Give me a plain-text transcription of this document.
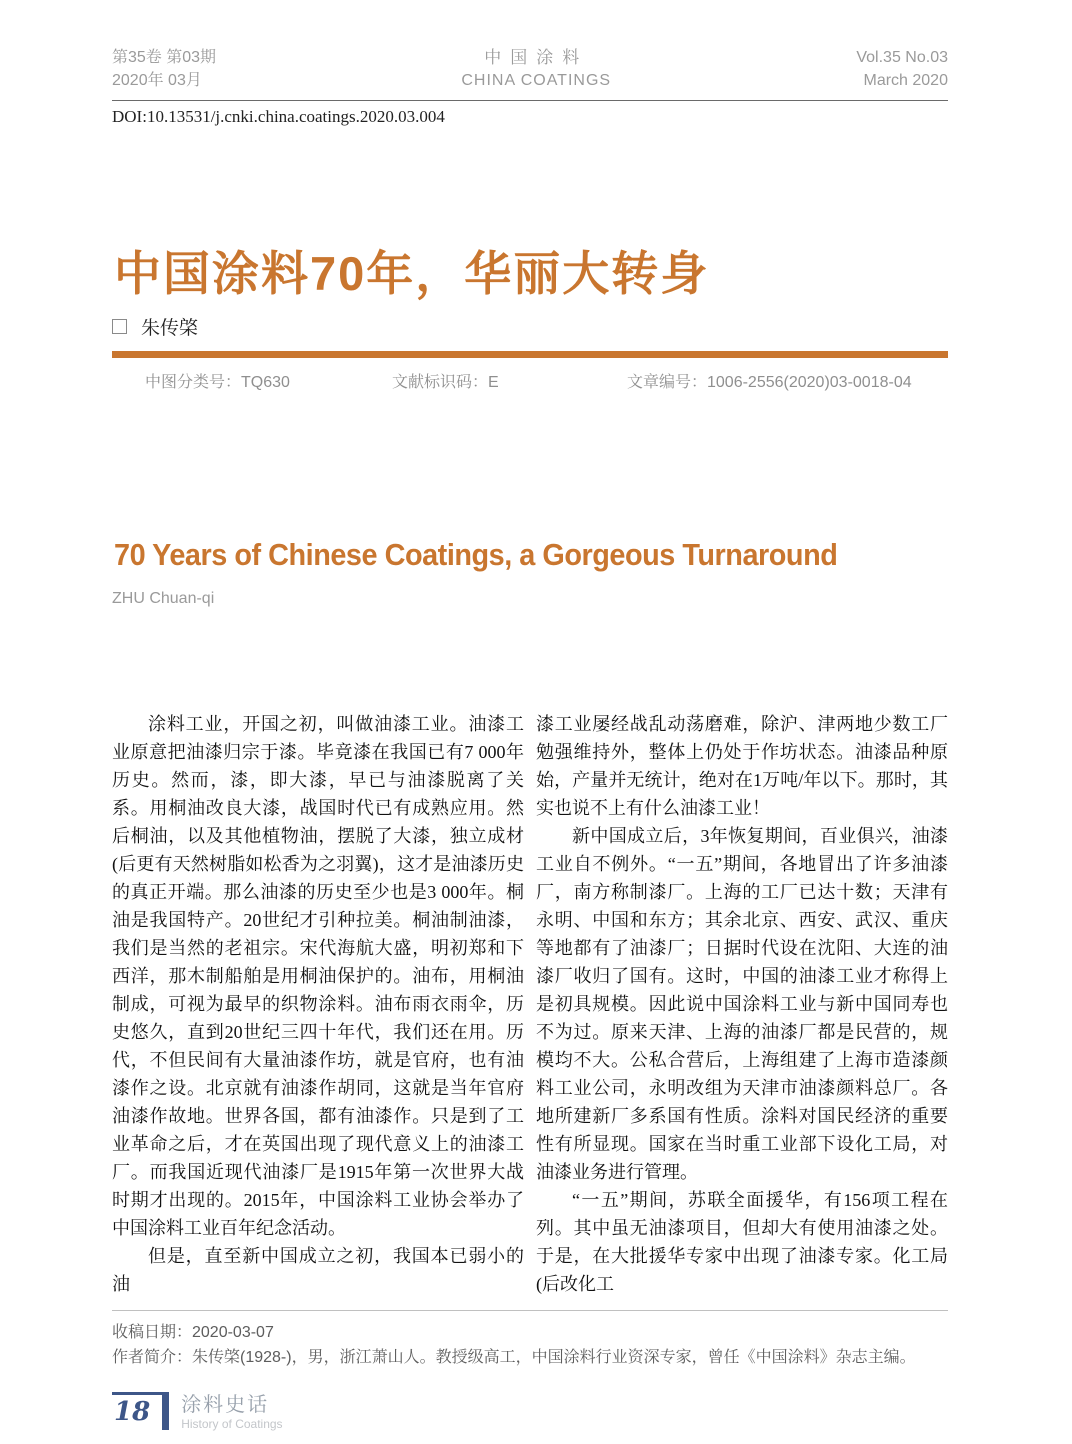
第35卷 第03期
2020年 03月
中国涂料
CHINA COATINGS
Vol.35 No.03
March 2020
DOI:10.13531/j.cnki.china.coatings.2020.03.004
中国涂料70年，华丽大转身
朱传棨
中图分类号：TQ630	文献标识码：E	文章编号：1006-2556(2020)03-0018-04
70 Years of Chinese Coatings, a Gorgeous Turnaround
ZHU Chuan-qi

涂料工业，开国之初，叫做油漆工业。油漆工业原意把油漆归宗于漆。毕竟漆在我国已有7 000年历史。然而，漆，即大漆，早已与油漆脱离了关系。用桐油改良大漆，战国时代已有成熟应用。然后桐油，以及其他植物油，摆脱了大漆，独立成材(后更有天然树脂如松香为之羽翼)，这才是油漆历史的真正开端。那么油漆的历史至少也是3 000年。桐油是我国特产。20世纪才引种拉美。桐油制油漆，我们是当然的老祖宗。宋代海航大盛，明初郑和下西洋，那木制船舶是用桐油保护的。油布，用桐油制成，可视为最早的织物涂料。油布雨衣雨伞，历史悠久，直到20世纪三四十年代，我们还在用。历代，不但民间有大量油漆作坊，就是官府，也有油漆作之设。北京就有油漆作胡同，这就是当年官府油漆作故地。世界各国，都有油漆作。只是到了工业革命之后，才在英国出现了现代意义上的油漆工厂。而我国近现代油漆厂是1915年第一次世界大战时期才出现的。2015年，中国涂料工业协会举办了中国涂料工业百年纪念活动。

但是，直至新中国成立之初，我国本已弱小的油

漆工业屡经战乱动荡磨难，除沪、津两地少数工厂勉强维持外，整体上仍处于作坊状态。油漆品种原始，产量并无统计，绝对在1万吨/年以下。那时，其实也说不上有什么油漆工业！

新中国成立后，3年恢复期间，百业俱兴，油漆工业自不例外。“一五”期间，各地冒出了许多油漆厂，南方称制漆厂。上海的工厂已达十数；天津有永明、中国和东方；其余北京、西安、武汉、重庆等地都有了油漆厂；日据时代设在沈阳、大连的油漆厂收归了国有。这时，中国的油漆工业才称得上是初具规模。因此说中国涂料工业与新中国同寿也不为过。原来天津、上海的油漆厂都是民营的，规模均不大。公私合营后，上海组建了上海市造漆颜料工业公司，永明改组为天津市油漆颜料总厂。各地所建新厂多系国有性质。涂料对国民经济的重要性有所显现。国家在当时重工业部下设化工局，对油漆业务进行管理。

“一五”期间，苏联全面援华，有156项工程在列。其中虽无油漆项目，但却大有使用油漆之处。于是，在大批援华专家中出现了油漆专家。化工局(后改化工

收稿日期：2020-03-07
作者简介：朱传棨(1928-)，男，浙江萧山人。教授级高工，中国涂料行业资深专家，曾任《中国涂料》杂志主编。
18	涂料史话
History of Coatings
